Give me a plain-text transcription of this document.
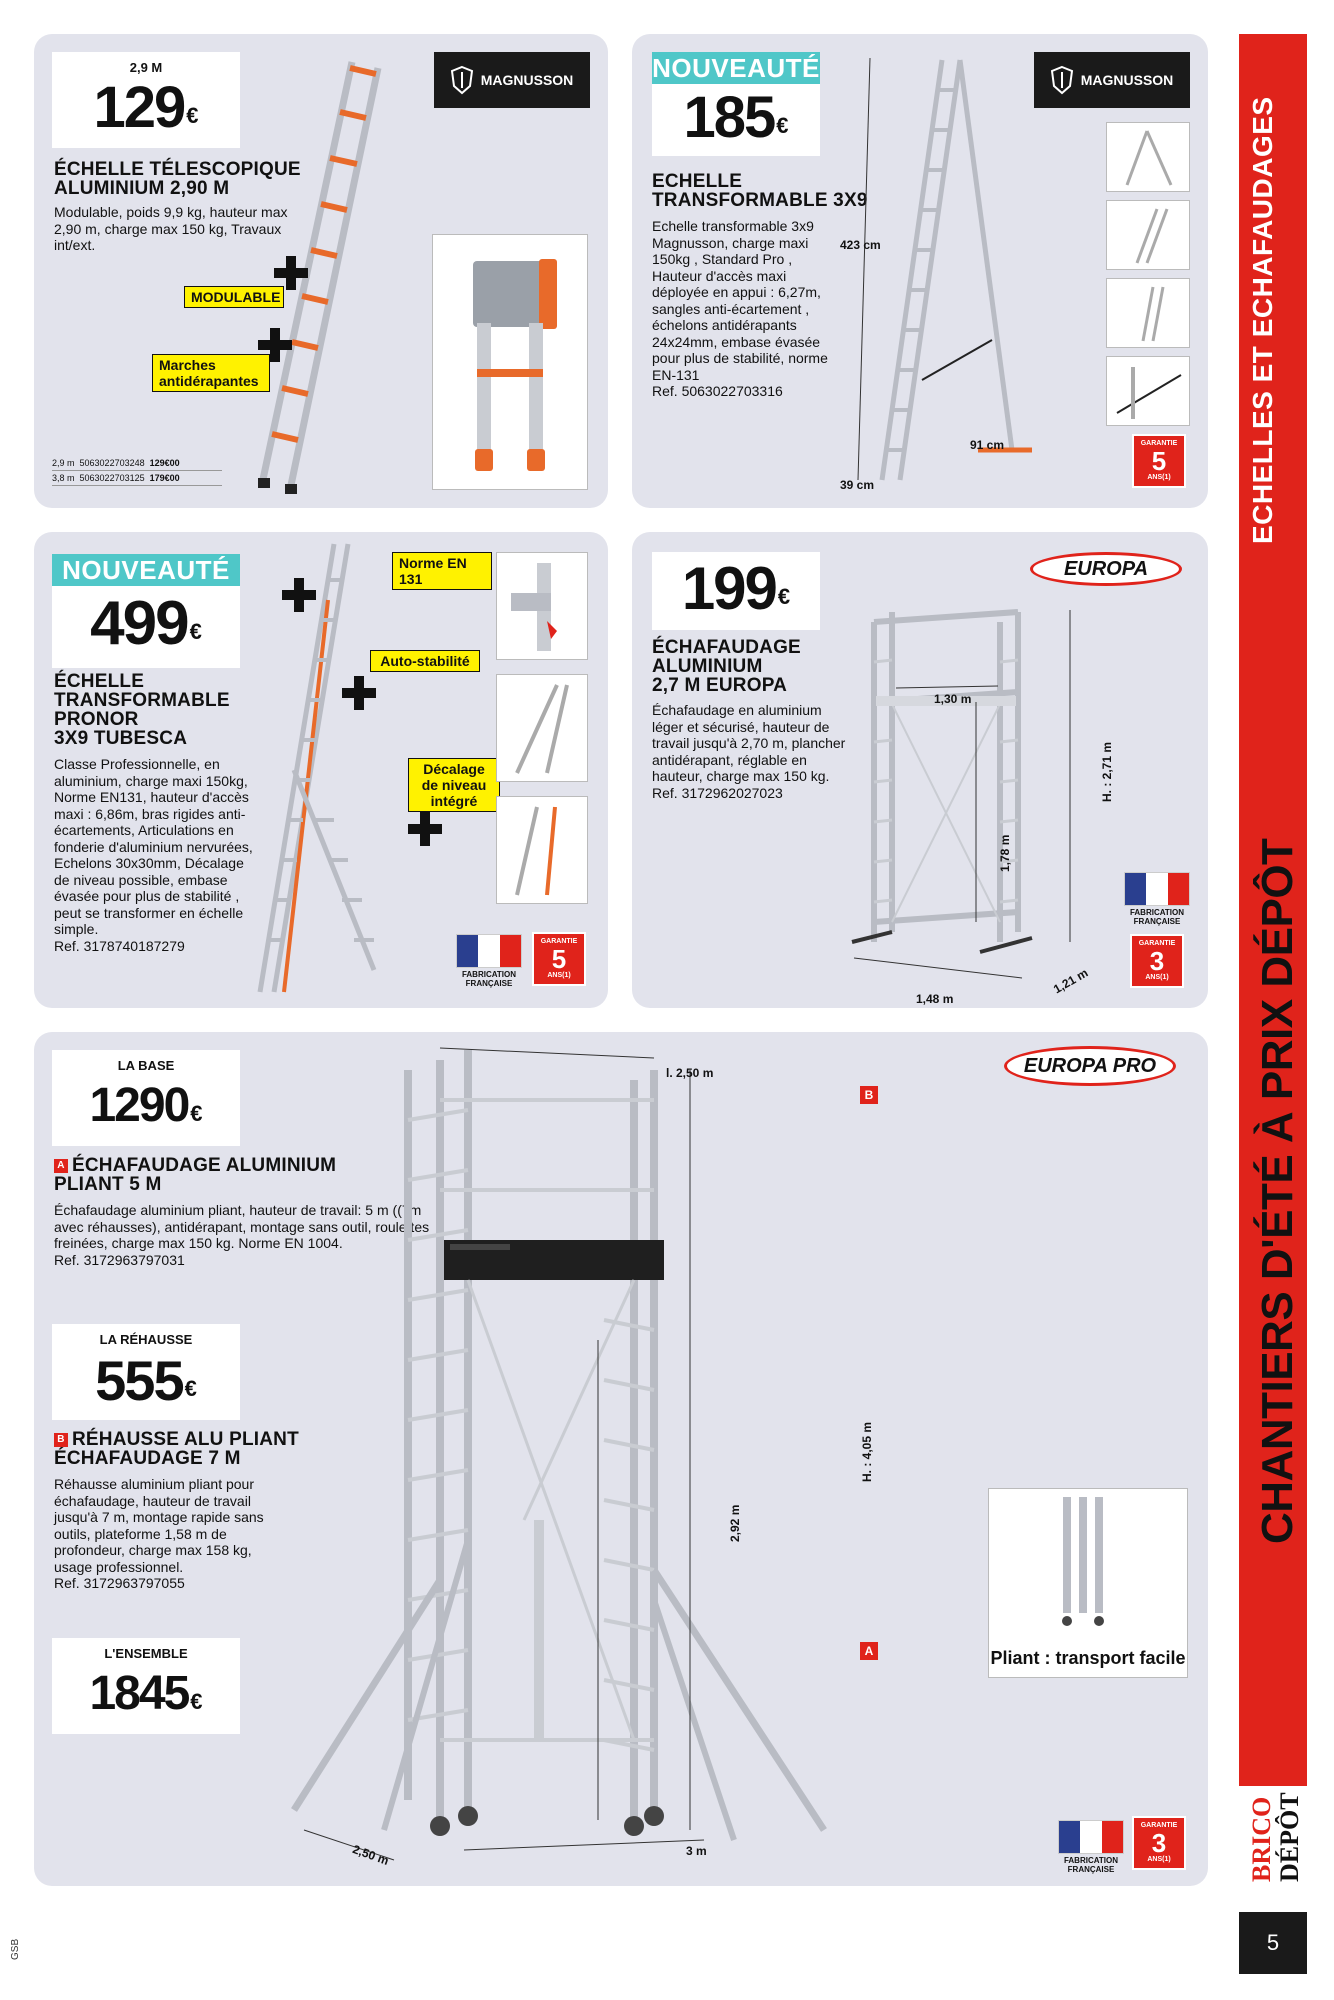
2,9 M
129€
ÉCHELLE TÉLESCOPIQUE
ALUMINIUM 2,90 M
Modulable, poids 9,9 kg, hauteur max 2,90 m, charge max 150 kg, Travaux int/ext.
MODULABLE
Marches antidérapantes
MAGNUSSON
2,9 m 5063022703248 129€00
3,8 m 5063022703125 179€00
NOUVEAUTÉ
185€
ECHELLE
TRANSFORMABLE 3X9
Echelle transformable 3x9 Magnusson, charge maxi 150kg , Standard Pro , Hauteur d'accès maxi déployée en appui : 6,27m, sangles anti-écartement , échelons antidérapants 24x24mm, embase évasée pour plus de stabilité, norme EN-131
Ref. 5063022703316
423 cm
91 cm
39 cm
MAGNUSSON
GARANTIE
5
ANS(1)
NOUVEAUTÉ
499€
ÉCHELLE
TRANSFORMABLE
PRONOR
3X9 TUBESCA
Classe Professionnelle, en aluminium, charge maxi 150kg, Norme EN131, hauteur d'accès maxi : 6,86m, bras rigides anti-écartements, Articulations en fonderie d'aluminium nervurées, Echelons 30x30mm, Décalage de niveau possible, embase évasée pour plus de stabilité , peut se transformer en échelle simple.
Ref. 3178740187279
Norme EN 131
Auto-stabilité
Décalage de niveau intégré
FABRICATION FRANÇAISE
GARANTIE
5
ANS(1)
199€
ÉCHAFAUDAGE
ALUMINIUM
2,7 M EUROPA
Échafaudage en aluminium léger et sécurisé, hauteur de travail jusqu'à 2,70 m, plancher antidérapant, réglable en hauteur, charge max 150 kg.
Ref. 3172962027023
EUROPA
1,30 m
H. : 2,71 m
1,78 m
1,48 m
1,21 m
FABRICATION FRANÇAISE
GARANTIE
3
ANS(1)
LA BASE
1290€
A ÉCHAFAUDAGE ALUMINIUM
PLIANT 5 M
Échafaudage aluminium pliant, hauteur de travail: 5 m ((7m avec réhausses), antidérapant, montage sans outil, roulettes freinées, charge max 150 kg. Norme EN 1004.
Ref. 3172963797031
LA RÉHAUSSE
555€
B RÉHAUSSE ALU PLIANT
ÉCHAFAUDAGE 7 M
Réhausse aluminium pliant pour échafaudage, hauteur de travail jusqu'à 7 m, montage rapide sans outils, plateforme 1,58 m de profondeur, charge max 158 kg, usage professionnel.
Ref. 3172963797055
L'ENSEMBLE
1845€
EUROPA PRO
l. 2,50 m
H. : 4,05 m
2,92 m
3 m
2,50 m
B
A	Pliant : transport facile
FABRICATION FRANÇAISE
GARANTIE
3
ANS(1)
ECHELLES ET ECHAFAUDAGES
CHANTIERS D'ÉTÉ À PRIX DÉPÔT
BRICO DÉPÔT
5
GSB
